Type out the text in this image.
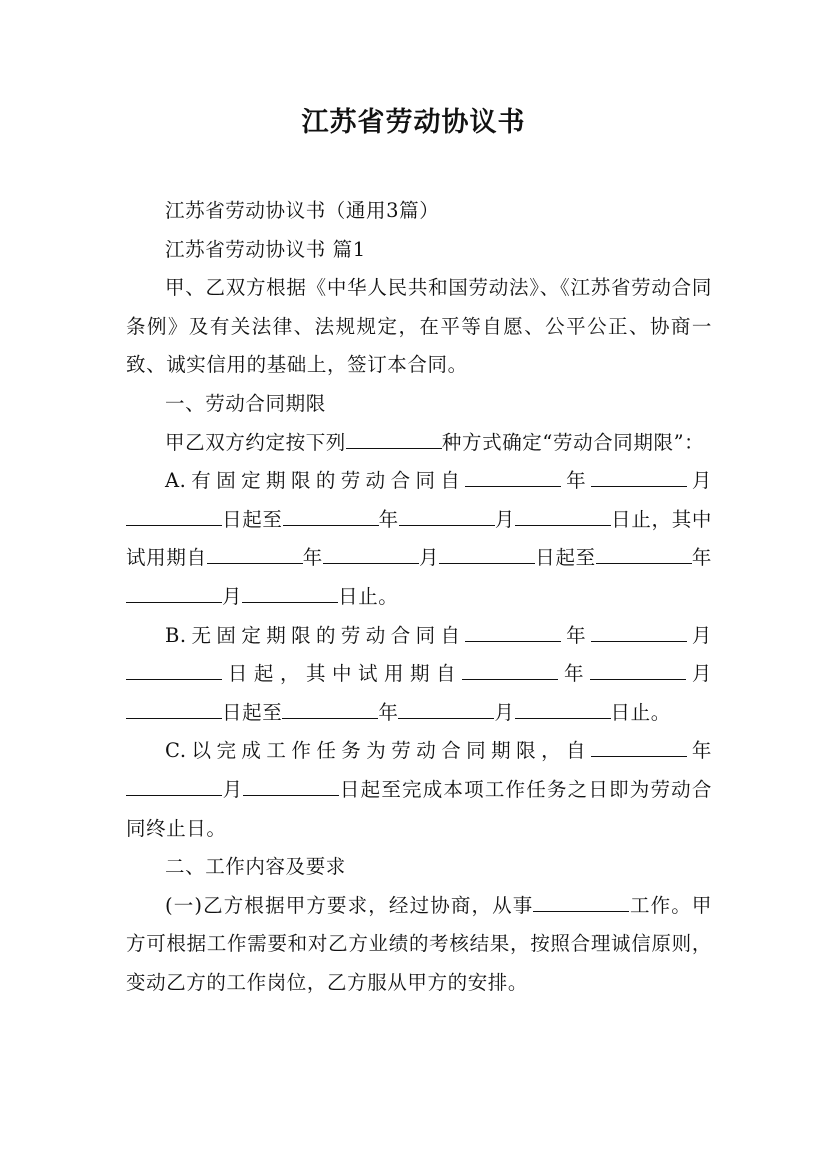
江苏省劳动协议书

江苏省劳动协议书（通用3篇）

江苏省劳动协议书 篇1

甲、乙双方根据《中华人民共和国劳动法》、《江苏省劳动合同条例》及有关法律、法规规定，在平等自愿、公平公正、协商一致、诚实信用的基础上，签订本合同。

一、劳动合同期限

甲乙双方约定按下列	种方式确定“劳动合同期限”：

A.有固定期限的劳动合同自	年	月日起至	年	月	日止，其中试用期自	年	月	日起至	年月	日止。

B.无固定期限的劳动合同自	年	月日起，其中试用期自	年	月日起至	年	月	日止。

C.以完成工作任务为劳动合同期限，自	年月	日起至完成本项工作任务之日即为劳动合同终止日。

二、工作内容及要求

(一)乙方根据甲方要求，经过协商，从事	工作。甲方可根据工作需要和对乙方业绩的考核结果，按照合理诚信原则，变动乙方的工作岗位，乙方服从甲方的安排。
